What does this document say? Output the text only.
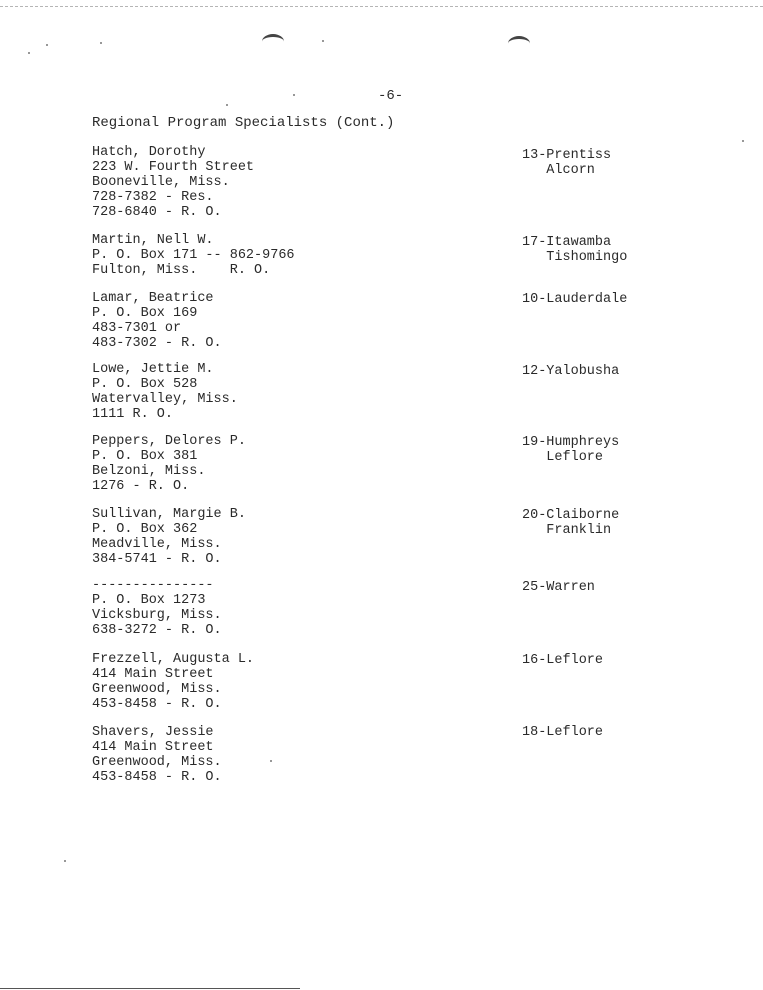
-6-
Regional Program Specialists (Cont.)
Hatch, Dorothy
223 W. Fourth Street
Booneville, Miss.
728-7382 - Res.
728-6840 - R. O.
13-Prentiss
Alcorn
Martin, Nell W.
P. O. Box 171 -- 862-9766
Fulton, Miss.    R. O.
17-Itawamba
Tishomingo
Lamar, Beatrice
P. O. Box 169
483-7301 or
483-7302 - R. O.
10-Lauderdale
Lowe, Jettie M.
P. O. Box 528
Watervalley, Miss.
1111 R. O.
12-Yalobusha
Peppers, Delores P.
P. O. Box 381
Belzoni, Miss.
1276 - R. O.
19-Humphreys
Leflore
Sullivan, Margie B.
P. O. Box 362
Meadville, Miss.
384-5741 - R. O.
20-Claiborne
Franklin
---------------
P. O. Box 1273
Vicksburg, Miss.
638-3272 - R. O.
25-Warren
Frezzell, Augusta L.
414 Main Street
Greenwood, Miss.
453-8458 - R. O.
16-Leflore
Shavers, Jessie
414 Main Street
Greenwood, Miss.
453-8458 - R. O.
18-Leflore
